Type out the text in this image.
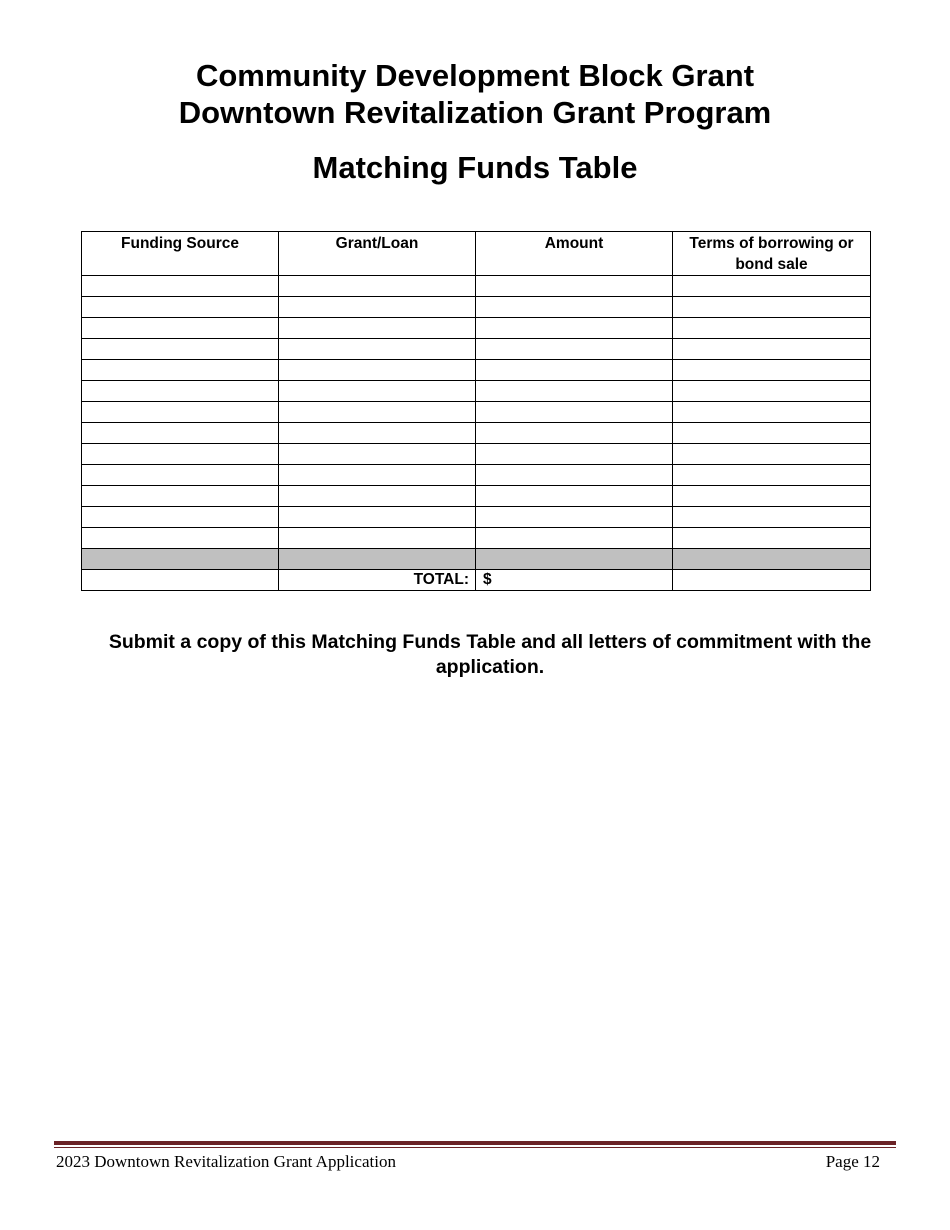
Community Development Block Grant
Downtown Revitalization Grant Program
Matching Funds Table
Funding Source	Grant/Loan	Amount	Terms of borrowing or bond sale

	TOTAL:	$	
Submit a copy of this Matching Funds Table and all letters of commitment with the application.
2023 Downtown Revitalization Grant Application	Page 12
